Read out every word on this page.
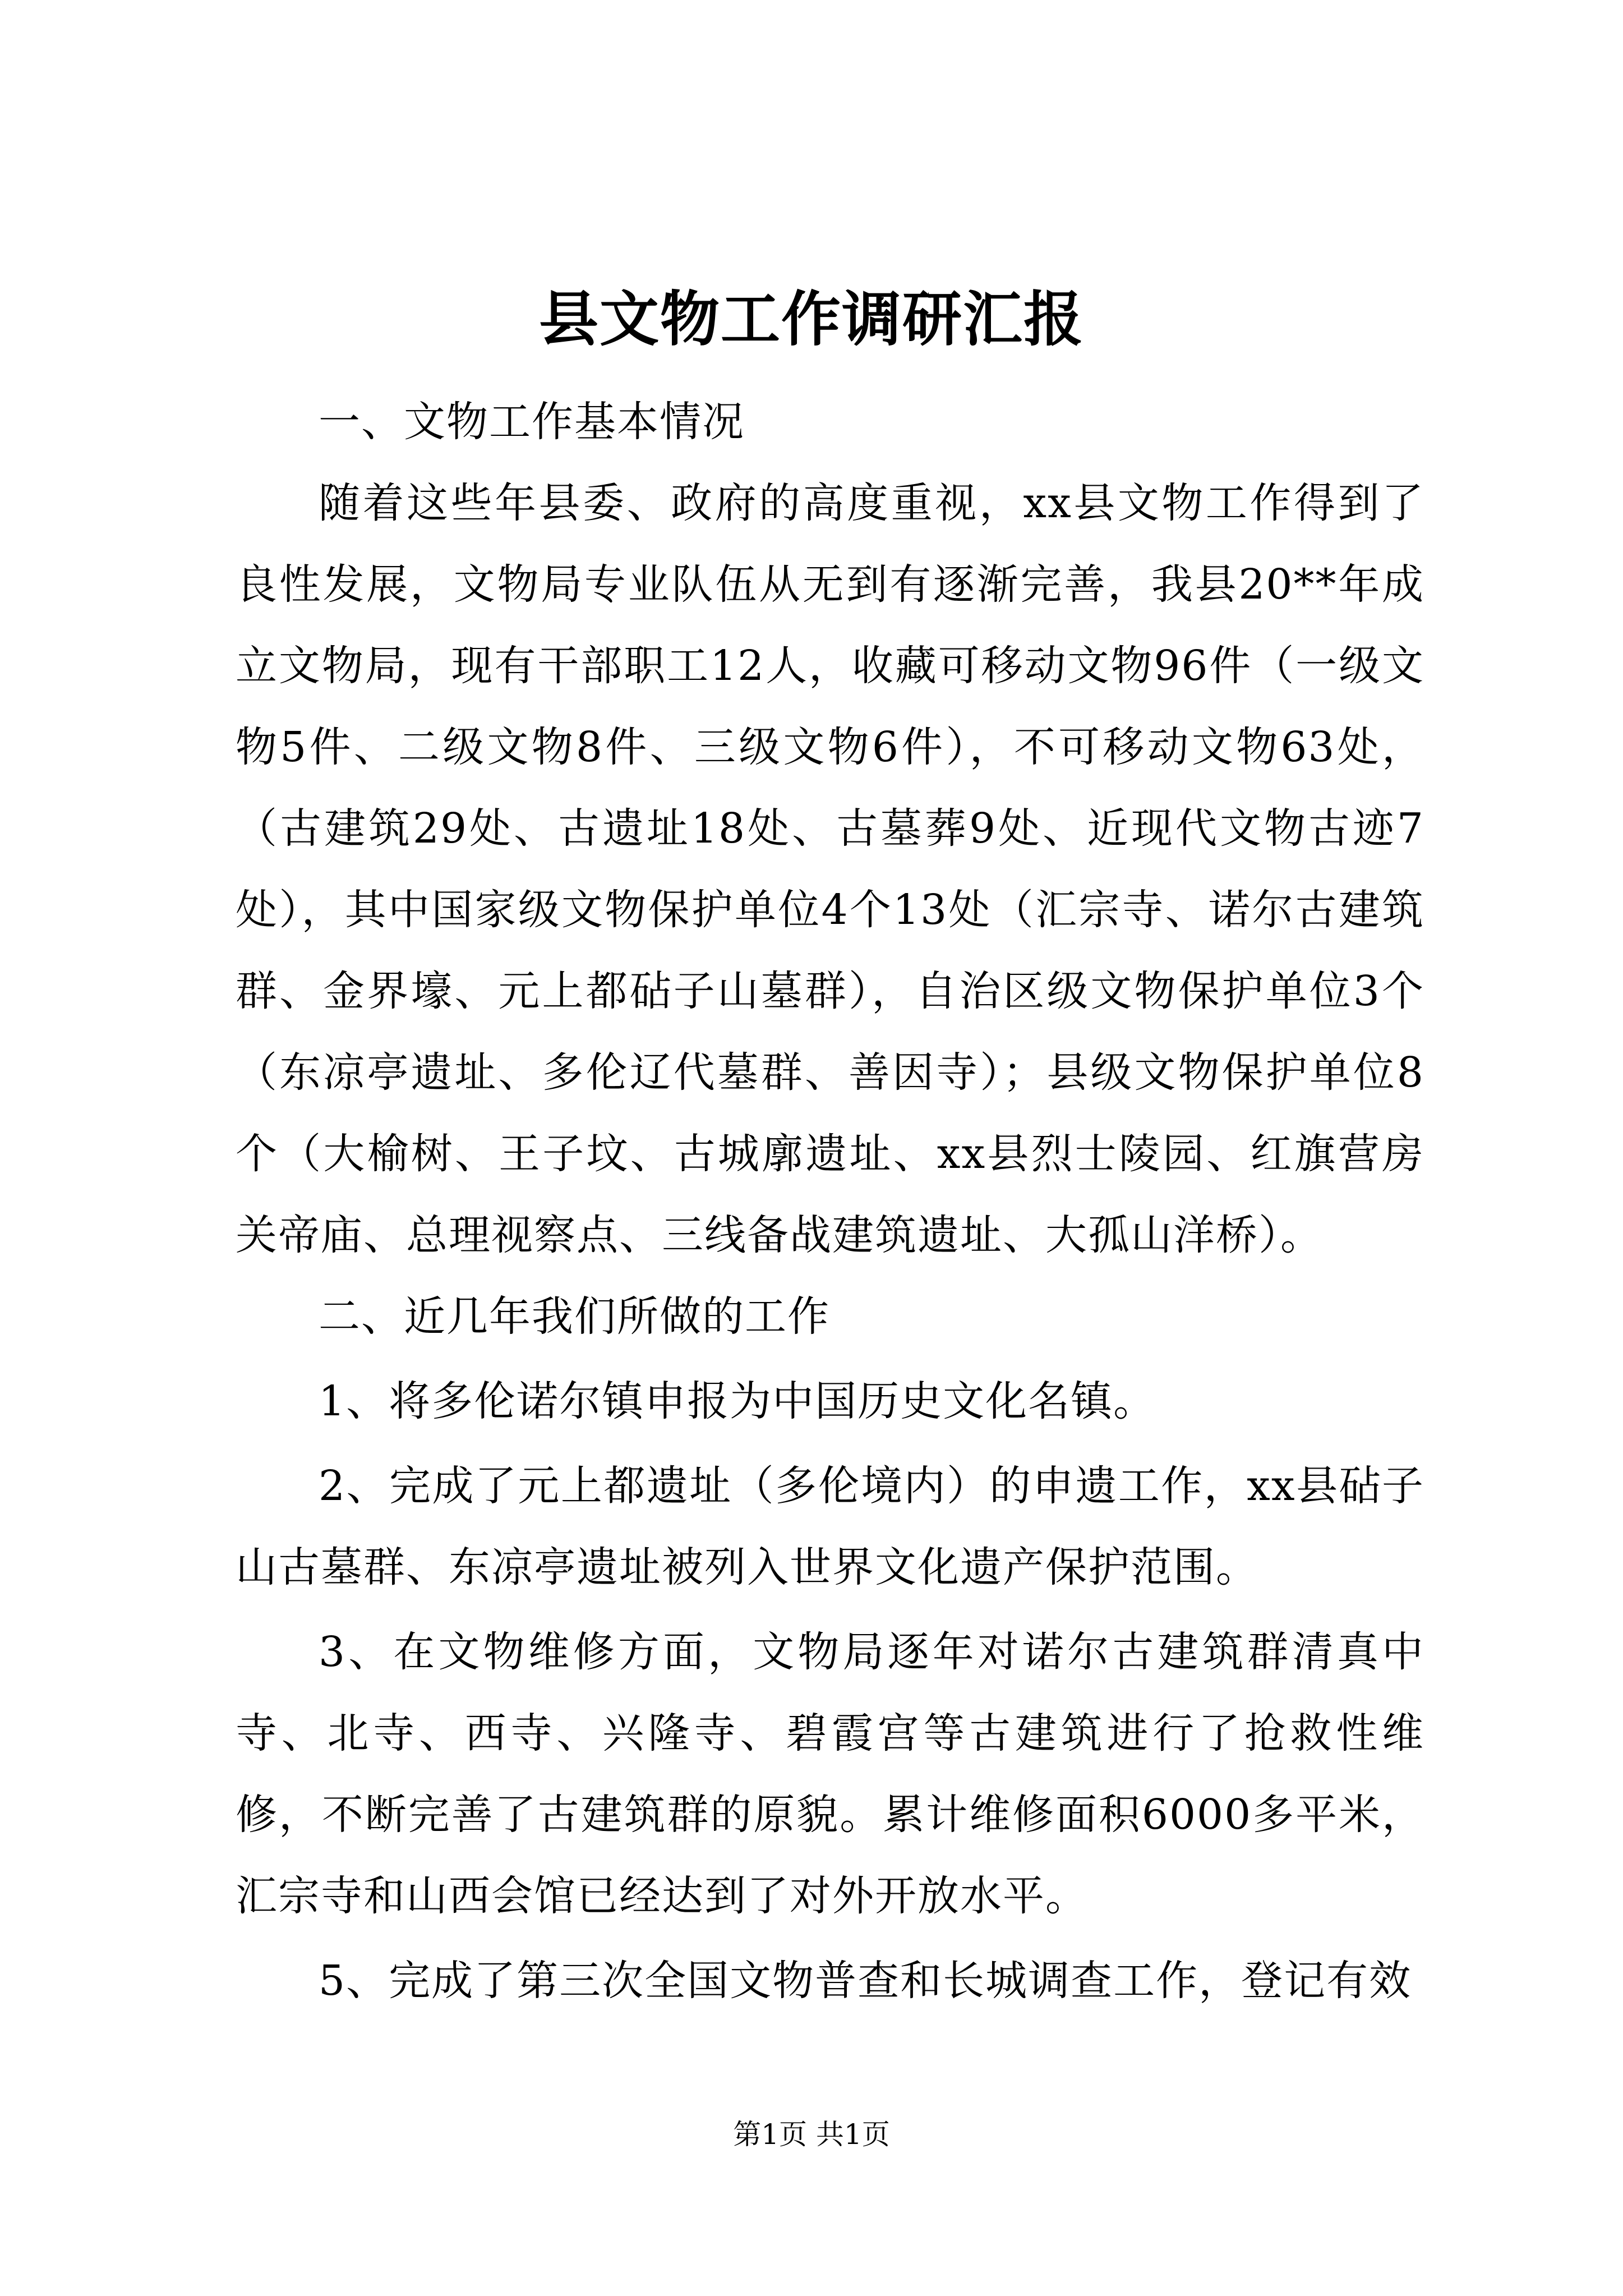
县文物工作调研汇报

一、文物工作基本情况

随着这些年县委、政府的高度重视，xx县文物工作得到了良性发展，文物局专业队伍从无到有逐渐完善，我县20**年成立文物局，现有干部职工12人，收藏可移动文物96件（一级文物5件、二级文物8件、三级文物6件），不可移动文物63处，（古建筑29处、古遗址18处、古墓葬9处、近现代文物古迹7处），其中国家级文物保护单位4个13处（汇宗寺、诺尔古建筑群、金界壕、元上都砧子山墓群），自治区级文物保护单位3个（东凉亭遗址、多伦辽代墓群、善因寺）；县级文物保护单位8个（大榆树、王子坟、古城廓遗址、xx县烈士陵园、红旗营房关帝庙、总理视察点、三线备战建筑遗址、大孤山洋桥）。

二、近几年我们所做的工作

1、将多伦诺尔镇申报为中国历史文化名镇。

2、完成了元上都遗址（多伦境内）的申遗工作，xx县砧子山古墓群、东凉亭遗址被列入世界文化遗产保护范围。

3、在文物维修方面，文物局逐年对诺尔古建筑群清真中寺、北寺、西寺、兴隆寺、碧霞宫等古建筑进行了抢救性维修，不断完善了古建筑群的原貌。累计维修面积6000多平米，汇宗寺和山西会馆已经达到了对外开放水平。

5、完成了第三次全国文物普查和长城调查工作，登记有效

第1页 共1页
